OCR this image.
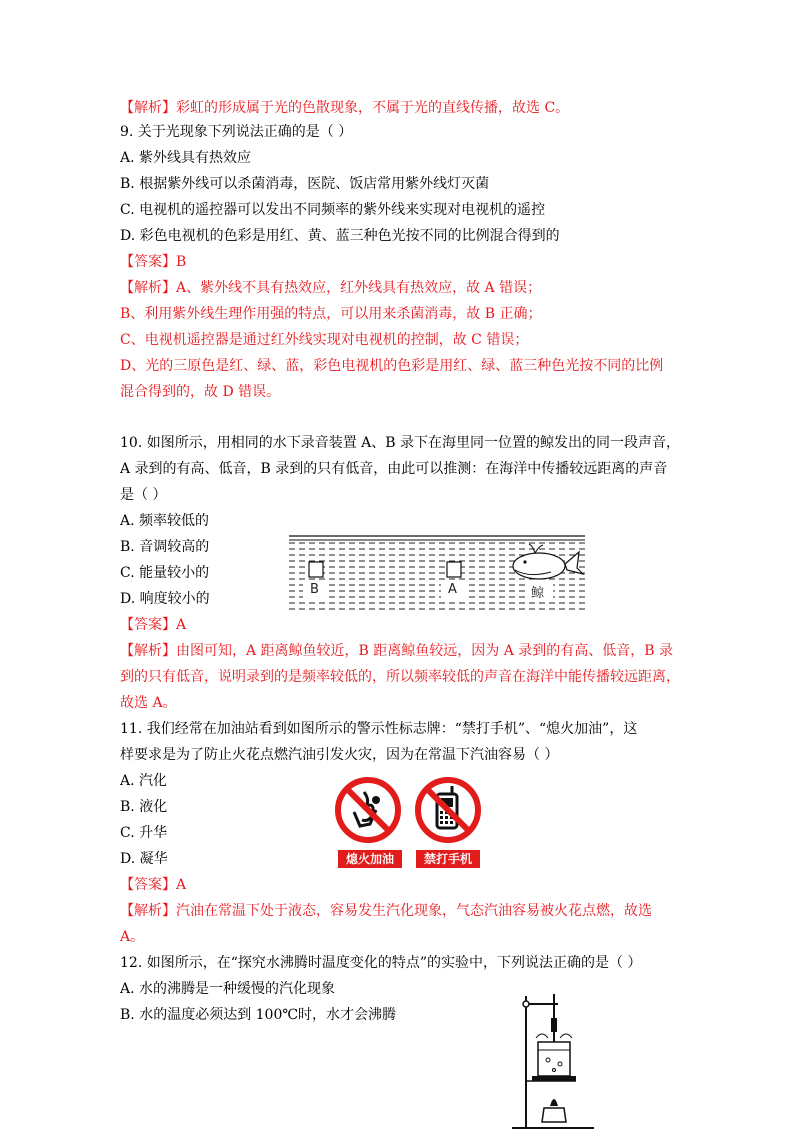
【解析】彩虹的形成属于光的色散现象，不属于光的直线传播，故选 C。
9. 关于光现象下列说法正确的是（ ）
A. 紫外线具有热效应
B. 根据紫外线可以杀菌消毒，医院、饭店常用紫外线灯灭菌
C. 电视机的遥控器可以发出不同频率的紫外线来实现对电视机的遥控
D. 彩色电视机的色彩是用红、黄、蓝三种色光按不同的比例混合得到的
【答案】B
【解析】A、紫外线不具有热效应，红外线具有热效应，故 A 错误；
B、利用紫外线生理作用强的特点，可以用来杀菌消毒，故 B 正确；
C、电视机遥控器是通过红外线实现对电视机的控制，故 C 错误；
D、光的三原色是红、绿、蓝，彩色电视机的色彩是用红、绿、蓝三种色光按不同的比例
混合得到的，故 D 错误。
10. 如图所示，用相同的水下录音装置 A、B 录下在海里同一位置的鲸发出的同一段声音，
A 录到的有高、低音，B 录到的只有低音，由此可以推测：在海洋中传播较远距离的声音
是（ ）
A. 频率较低的
B. 音调较高的
C. 能量较小的
D. 响度较小的
【答案】A
【解析】由图可知，A 距离鲸鱼较近，B 距离鲸鱼较远，因为 A 录到的有高、低音，B 录
到的只有低音，说明录到的是频率较低的，所以频率较低的声音在海洋中能传播较远距离，
故选 A。
11. 我们经常在加油站看到如图所示的警示性标志牌：“禁打手机”、“熄火加油”，这
样要求是为了防止火花点燃汽油引发火灾，因为在常温下汽油容易（ ）
A. 汽化
B. 液化
C. 升华
D. 凝华
【答案】A
【解析】汽油在常温下处于液态，容易发生汽化现象，气态汽油容易被火花点燃，故选
A。
12. 如图所示，在“探究水沸腾时温度变化的特点”的实验中，下列说法正确的是（ ）
A. 水的沸腾是一种缓慢的汽化现象
B. 水的温度必须达到 100℃时，水才会沸腾
B	A	鲸
熄火加油	禁打手机
